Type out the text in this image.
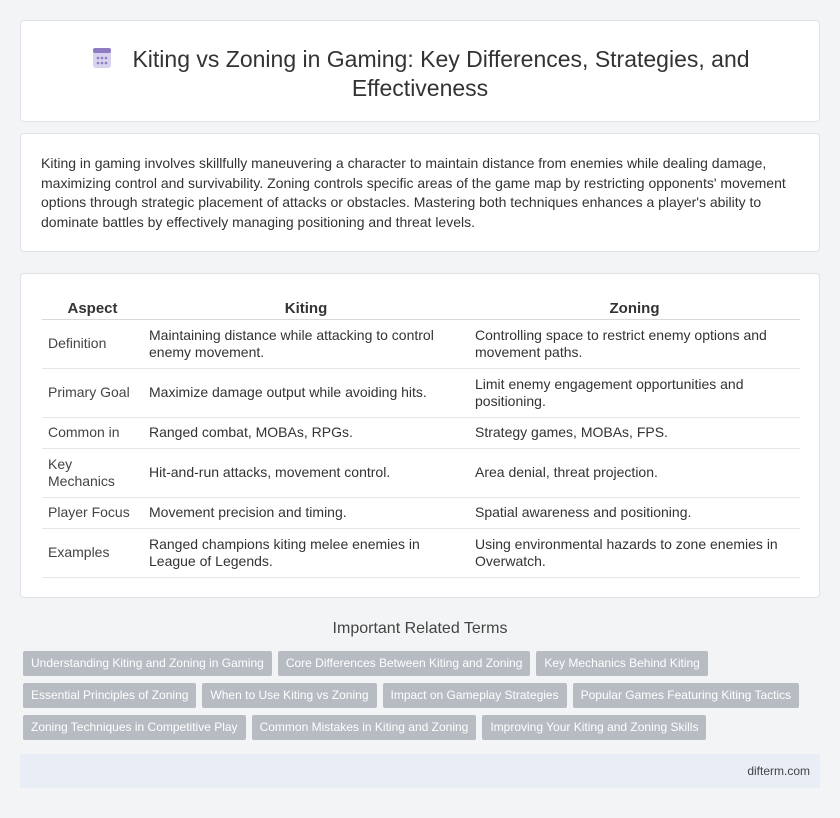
Kiting vs Zoning in Gaming: Key Differences, Strategies, and
Effectiveness

Kiting in gaming involves skillfully maneuvering a character to maintain distance from enemies while dealing damage, maximizing control and survivability. Zoning controls specific areas of the game map by restricting opponents' movement options through strategic placement of attacks or obstacles. Mastering both techniques enhances a player's ability to dominate battles by effectively managing positioning and threat levels.

Aspect	Kiting	Zoning
Definition	Maintaining distance while attacking to control enemy movement.	Controlling space to restrict enemy options and movement paths.
Primary Goal	Maximize damage output while avoiding hits.	Limit enemy engagement opportunities and positioning.
Common in	Ranged combat, MOBAs, RPGs.	Strategy games, MOBAs, FPS.
Key Mechanics	Hit-and-run attacks, movement control.	Area denial, threat projection.
Player Focus	Movement precision and timing.	Spatial awareness and positioning.
Examples	Ranged champions kiting melee enemies in League of Legends.	Using environmental hazards to zone enemies in Overwatch.
Important Related Terms
Understanding Kiting and Zoning in Gaming Core Differences Between Kiting and Zoning Key Mechanics Behind Kiting
Essential Principles of Zoning When to Use Kiting vs Zoning Impact on Gameplay Strategies Popular Games Featuring Kiting Tactics
Zoning Techniques in Competitive Play Common Mistakes in Kiting and Zoning Improving Your Kiting and Zoning Skills
difterm.com
